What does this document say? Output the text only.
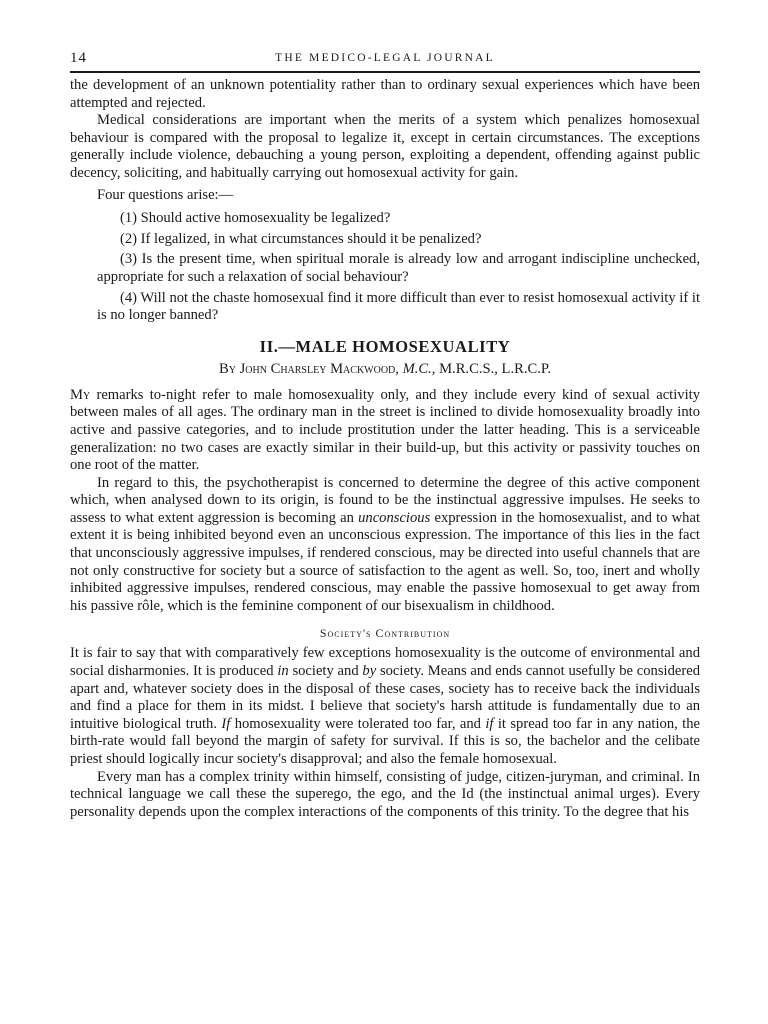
14	THE MEDICO-LEGAL JOURNAL

the development of an unknown potentiality rather than to ordinary sexual experiences which have been attempted and rejected.

Medical considerations are important when the merits of a system which penalizes homosexual behaviour is compared with the proposal to legalize it, except in certain circumstances. The exceptions generally include violence, debauching a young person, exploiting a dependent, offending against public decency, soliciting, and habitually carrying out homosexual activity for gain.

Four questions arise:—

(1) Should active homosexuality be legalized?

(2) If legalized, in what circumstances should it be penalized?

(3) Is the present time, when spiritual morale is already low and arrogant indiscipline unchecked, appropriate for such a relaxation of social behaviour?

(4) Will not the chaste homosexual find it more difficult than ever to resist homosexual activity if it is no longer banned?

II.—MALE HOMOSEXUALITY
By John Charsley Mackwood, M.C., M.R.C.S., L.R.C.P.

My remarks to-night refer to male homosexuality only, and they include every kind of sexual activity between males of all ages. The ordinary man in the street is inclined to divide homosexuality broadly into active and passive categories, and to include prostitution under the latter heading. This is a serviceable generalization: no two cases are exactly similar in their build-up, but this activity or passivity touches on one root of the matter.

In regard to this, the psychotherapist is concerned to determine the degree of this active component which, when analysed down to its origin, is found to be the instinctual aggressive impulses. He seeks to assess to what extent aggression is becoming an unconscious expression in the homosexualist, and to what extent it is being inhibited beyond even an unconscious expression. The importance of this lies in the fact that unconsciously aggressive impulses, if rendered conscious, may be directed into useful channels that are not only constructive for society but a source of satisfaction to the agent as well. So, too, inert and wholly inhibited aggressive impulses, rendered conscious, may enable the passive homosexual to get away from his passive rôle, which is the feminine component of our bisexualism in childhood.

Society's Contribution

It is fair to say that with comparatively few exceptions homosexuality is the outcome of environmental and social disharmonies. It is produced in society and by society. Means and ends cannot usefully be considered apart and, whatever society does in the disposal of these cases, society has to receive back the individuals and find a place for them in its midst. I believe that society's harsh attitude is fundamentally due to an intuitive biological truth. If homosexuality were tolerated too far, and if it spread too far in any nation, the birth-rate would fall beyond the margin of safety for survival. If this is so, the bachelor and the celibate priest should logically incur society's disapproval; and also the female homosexual.

Every man has a complex trinity within himself, consisting of judge, citizen-juryman, and criminal. In technical language we call these the superego, the ego, and the Id (the instinctual animal urges). Every personality depends upon the complex interactions of the components of this trinity. To the degree that his
